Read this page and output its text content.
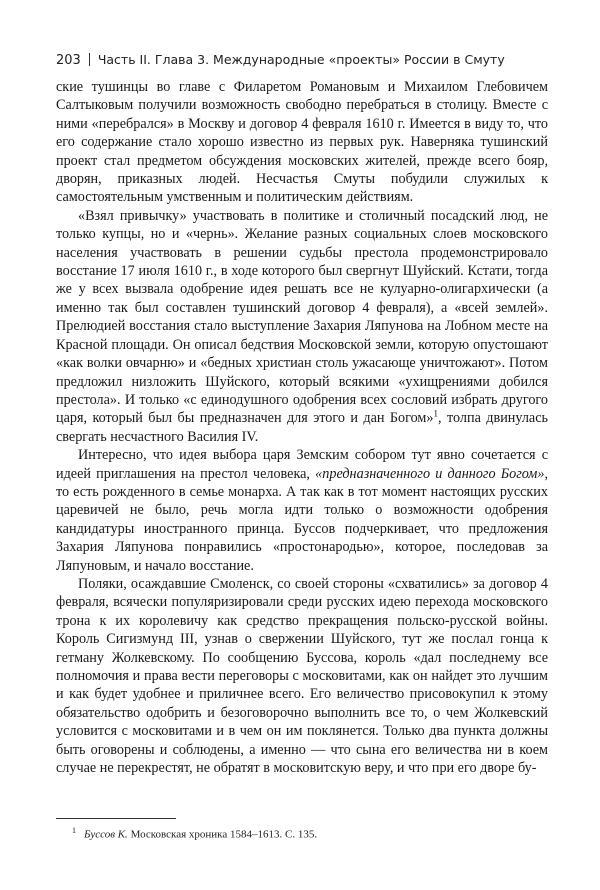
203 Часть II. Глава 3. Международные «проекты» России в Смуту

ские тушинцы во главе с Филаретом Романовым и Михаилом Глебовичем Салтыковым получили возможность свободно перебраться в столицу. Вместе с ними «перебрался» в Москву и договор 4 февраля 1610 г. Имеется в виду то, что его содержание стало хорошо известно из первых рук. Наверняка тушинский проект стал предметом обсуждения московских жителей, прежде всего бояр, дворян, приказных людей. Несчастья Смуты побудили служилых к самостоятельным умственным и политическим действиям.

«Взял привычку» участвовать в политике и столичный посадский люд, не только купцы, но и «чернь». Желание разных социальных слоев московского населения участвовать в решении судьбы престола продемонстрировало восстание 17 июля 1610 г., в ходе которого был свергнут Шуйский. Кстати, тогда же у всех вызвала одобрение идея решать все не кулуарно-олигархически (а именно так был составлен тушинский договор 4 февраля), а «всей землей». Прелюдией восстания стало выступление Захария Ляпунова на Лобном месте на Красной площади. Он описал бедствия Московской земли, которую опустошают «как волки овчарню» и «бедных христиан столь ужасающе уничтожают». Потом предложил низложить Шуйского, который всякими «ухищрениями добился престола». И только «с единодушного одобрения всех сословий избрать другого царя, который был бы предназначен для этого и дан Богом»$^1$, толпа двинулась свергать несчастного Василия IV.

Интересно, что идея выбора царя Земским собором тут явно сочетается с идеей приглашения на престол человека, «предназначенного и данного Богом», то есть рожденного в семье монарха. А так как в тот момент настоящих русских царевичей не было, речь могла идти только о возможности одобрения кандидатуры иностранного принца. Буссов подчеркивает, что предложения Захария Ляпунова понравились «простонародью», которое, последовав за Ляпуновым, и начало восстание.

Поляки, осаждавшие Смоленск, со своей стороны «схватились» за договор 4 февраля, всячески популяризировали среди русских идею перехода московского трона к их королевичу как средство прекращения польско-русской войны. Король Сигизмунд III, узнав о свержении Шуйского, тут же послал гонца к гетману Жолкевскому. По сообщению Буссова, король «дал последнему все полномочия и права вести переговоры с московитами, как он найдет это лучшим и как будет удобнее и приличнее всего. Его величество присовокупил к этому обязательство одобрить и безоговорочно выполнить все то, о чем Жолкевский условится с московитами и в чем он им поклянется. Только два пункта должны быть оговорены и соблюдены, а именно — что сына его величества ни в коем случае не перекрестят, не обратят в московитскую веру, и что при его дворе бу-

$^1$ Буссов К. Московская хроника 1584–1613. С. 135.
